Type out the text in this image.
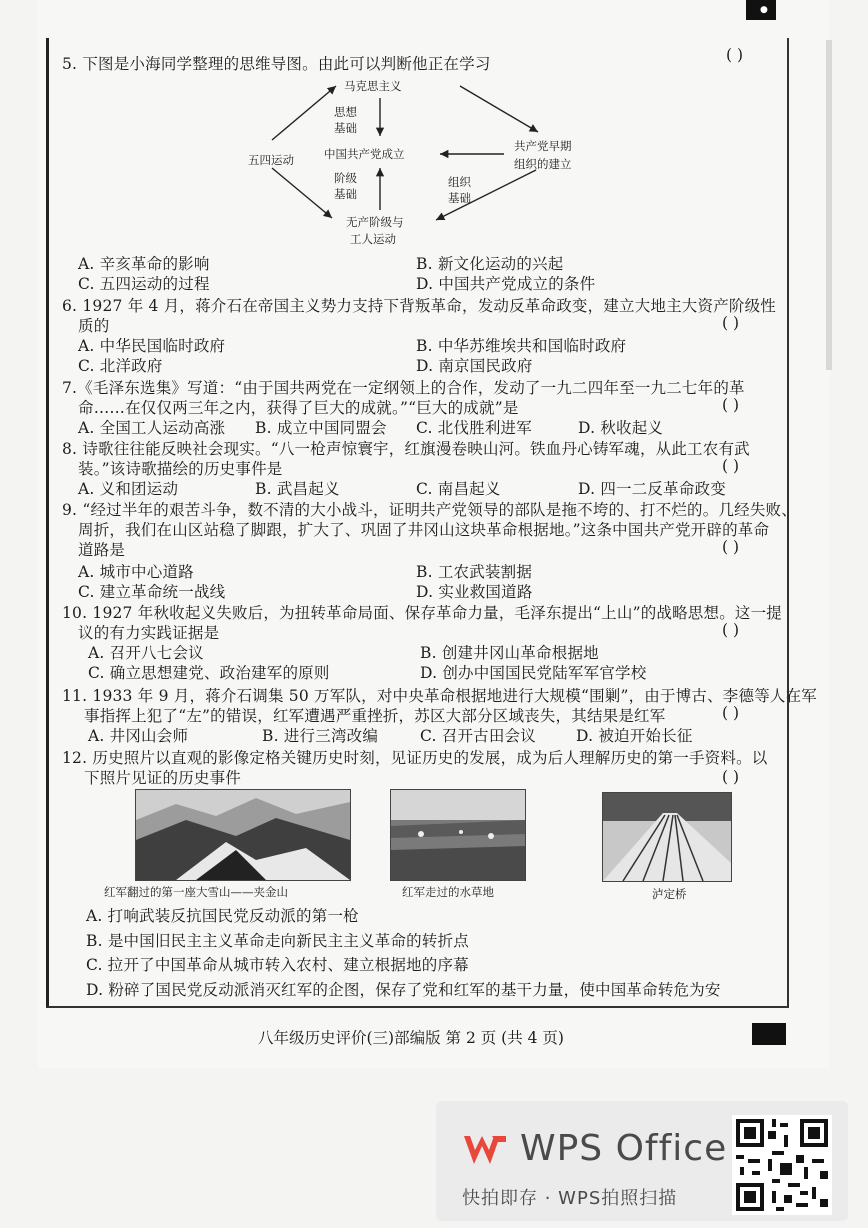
●
5. 下图是小海同学整理的思维导图。由此可以判断他正在学习	( )
马克思主义
五四运动	中国共产党成立
共产党早期
组织的建立
无产阶级与
工人运动
思想
基础
阶级
基础
组织
基础
A. 辛亥革命的影响	B. 新文化运动的兴起
C. 五四运动的过程	D. 中国共产党成立的条件
6. 1927 年 4 月，蒋介石在帝国主义势力支持下背叛革命，发动反革命政变，建立大地主大资产阶级性
质的	( )
A. 中华民国临时政府	B. 中华苏维埃共和国临时政府
C. 北洋政府	D. 南京国民政府
7.《毛泽东选集》写道：“由于国共两党在一定纲领上的合作，发动了一九二四年至一九二七年的革
命……在仅仅两三年之内，获得了巨大的成就。”“巨大的成就”是	( )
A. 全国工人运动高涨 B. 成立中国同盟会 C. 北伐胜利进军	D. 秋收起义
8. 诗歌往往能反映社会现实。“八一枪声惊寰宇，红旗漫卷映山河。铁血丹心铸军魂，从此工农有武
装。”该诗歌描绘的历史事件是	( )
A. 义和团运动	B. 武昌起义	C. 南昌起义	D. 四一二反革命政变
9. “经过半年的艰苦斗争，数不清的大小战斗，证明共产党领导的部队是拖不垮的、打不烂的。几经失败、
周折，我们在山区站稳了脚跟，扩大了、巩固了井冈山这块革命根据地。”这条中国共产党开辟的革命
道路是	( )
A. 城市中心道路	B. 工农武装割据
C. 建立革命统一战线	D. 实业救国道路
10. 1927 年秋收起义失败后，为扭转革命局面、保存革命力量，毛泽东提出“上山”的战略思想。这一提
议的有力实践证据是	( )
A. 召开八七会议	B. 创建井冈山革命根据地
C. 确立思想建党、政治建军的原则	D. 创办中国国民党陆军军官学校
11. 1933 年 9 月，蒋介石调集 50 万军队，对中央革命根据地进行大规模“围剿”，由于博古、李德等人在军
事指挥上犯了“左”的错误，红军遭遇严重挫折，苏区大部分区域丧失，其结果是红军	( )
A. 井冈山会师	B. 进行三湾改编	C. 召开古田会议	D. 被迫开始长征
12. 历史照片以直观的影像定格关键历史时刻，见证历史的发展，成为后人理解历史的第一手资料。以
下照片见证的历史事件	( )
红军翻过的第一座大雪山——夹金山	红军走过的水草地	泸定桥
A. 打响武装反抗国民党反动派的第一枪
B. 是中国旧民主主义革命走向新民主主义革命的转折点
C. 拉开了中国革命从城市转入农村、建立根据地的序幕
D. 粉碎了国民党反动派消灭红军的企图，保存了党和红军的基干力量，使中国革命转危为安
八年级历史评价(三)部编版 第 2 页 (共 4 页)
WPS Office
快拍即存 · WPS拍照扫描
